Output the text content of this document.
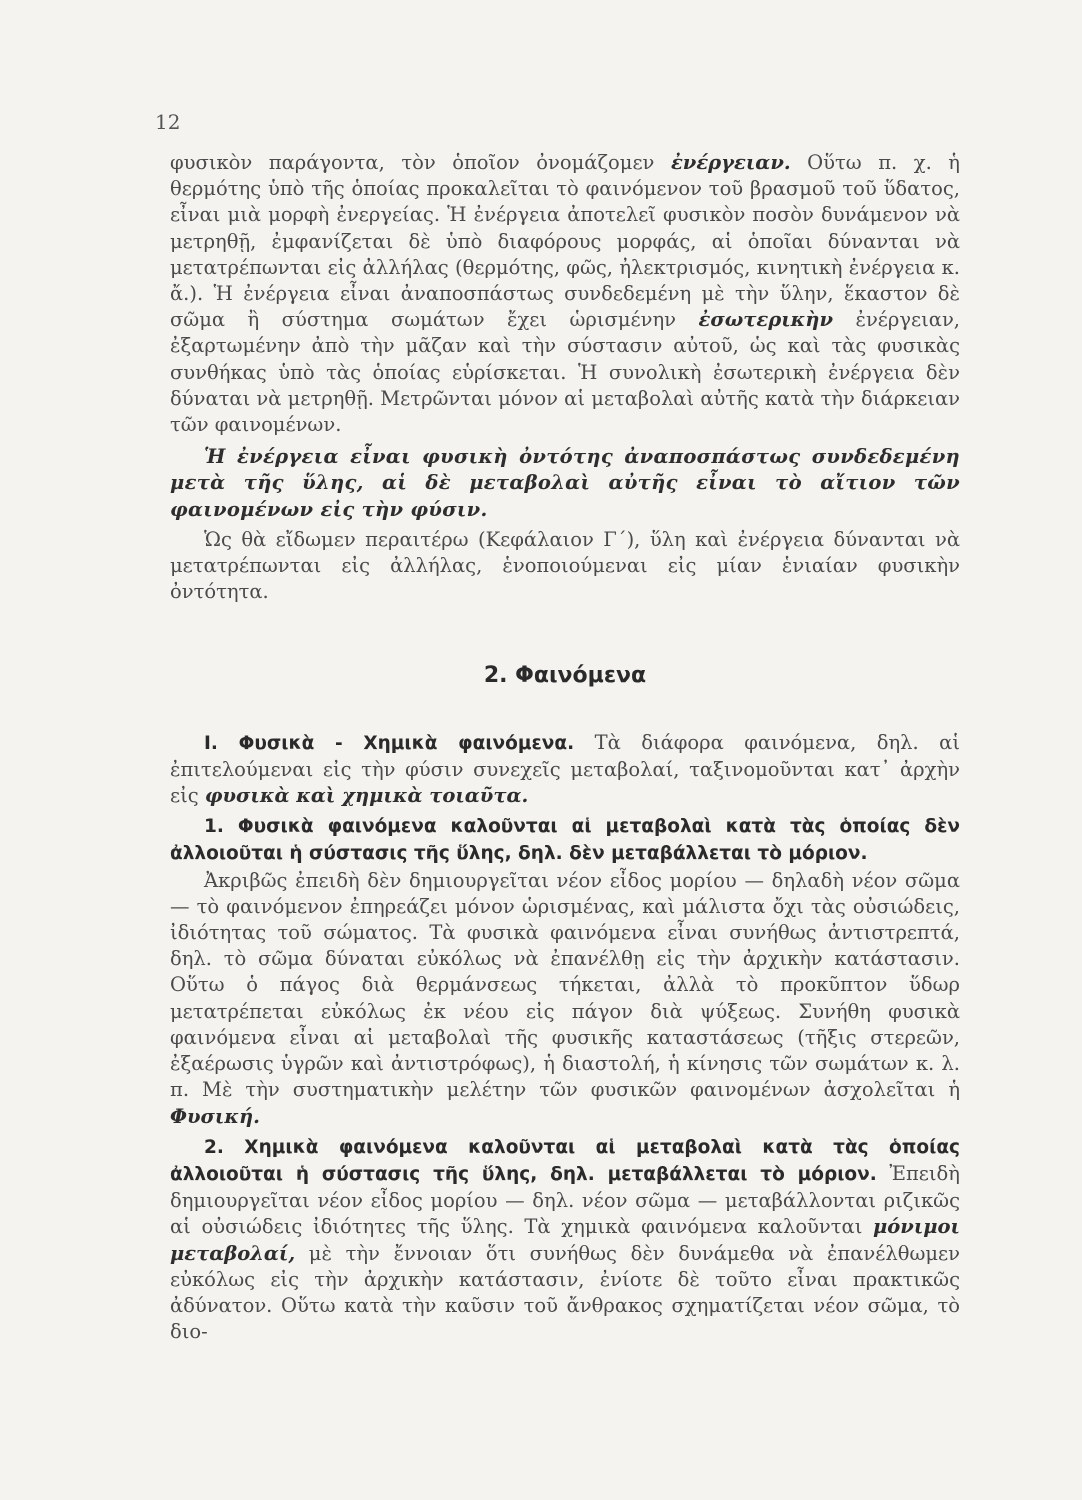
12

φυσικὸν παράγοντα, τὸν ὁποῖον ὀνομάζομεν ἐνέργειαν. Οὕτω π. χ. ἡ θερμότης ὑπὸ τῆς ὁποίας προκαλεῖται τὸ φαινόμενον τοῦ βρασμοῦ τοῦ ὕδατος, εἶναι μιὰ μορφὴ ἐνεργείας. Ἡ ἐνέργεια ἀποτελεῖ φυσικὸν ποσὸν δυνάμενον νὰ μετρηθῇ, ἐμφανίζεται δὲ ὑπὸ διαφόρους μορφάς, αἱ ὁποῖαι δύνανται νὰ μετατρέπωνται εἰς ἀλλήλας (θερμότης, φῶς, ἠλεκτρισμός, κινητικὴ ἐνέργεια κ. ἄ.). Ἡ ἐνέργεια εἶναι ἀναποσπάστως συνδεδεμένη μὲ τὴν ὕλην, ἕκαστον δὲ σῶμα ἢ σύστημα σωμάτων ἔχει ὡρισμένην ἐσωτερικὴν ἐνέργειαν, ἐξαρτωμένην ἀπὸ τὴν μᾶζαν καὶ τὴν σύστασιν αὐτοῦ, ὡς καὶ τὰς φυσικὰς συνθήκας ὑπὸ τὰς ὁποίας εὑρίσκεται. Ἡ συνολικὴ ἐσωτερικὴ ἐνέργεια δὲν δύναται νὰ μετρηθῇ. Μετρῶνται μόνον αἱ μεταβολαὶ αὐτῆς κατὰ τὴν διάρκειαν τῶν φαινομένων.

Ἡ ἐνέργεια εἶναι φυσικὴ ὀντότης ἀναποσπάστως συνδεδεμένη μετὰ τῆς ὕλης, αἱ δὲ μεταβολαὶ αὐτῆς εἶναι τὸ αἴτιον τῶν φαινομένων εἰς τὴν φύσιν.

Ὡς θὰ εἴδωμεν περαιτέρω (Κεφάλαιον Γ΄), ὕλη καὶ ἐνέργεια δύνανται νὰ μετατρέπωνται εἰς ἀλλήλας, ἑνοποιούμεναι εἰς μίαν ἑνιαίαν φυσικὴν ὀντότητα.

2. Φαινόμενα

I. Φυσικὰ - Χημικὰ φαινόμενα. Τὰ διάφορα φαινόμενα, δηλ. αἱ ἐπιτελούμεναι εἰς τὴν φύσιν συνεχεῖς μεταβολαί, ταξινομοῦνται κατ᾿ ἀρχὴν εἰς φυσικὰ καὶ χημικὰ τοιαῦτα.

1. Φυσικὰ φαινόμενα καλοῦνται αἱ μεταβολαὶ κατὰ τὰς ὁποίας δὲν ἀλλοιοῦται ἡ σύστασις τῆς ὕλης, δηλ. δὲν μεταβάλλεται τὸ μόριον.

Ἀκριβῶς ἐπειδὴ δὲν δημιουργεῖται νέον εἶδος μορίου — δηλαδὴ νέον σῶμα — τὸ φαινόμενον ἐπηρεάζει μόνον ὡρισμένας, καὶ μάλιστα ὄχι τὰς οὐσιώδεις, ἰδιότητας τοῦ σώματος. Τὰ φυσικὰ φαινόμενα εἶναι συνήθως ἀντιστρεπτά, δηλ. τὸ σῶμα δύναται εὐκόλως νὰ ἐπανέλθῃ εἰς τὴν ἀρχικὴν κατάστασιν. Οὕτω ὁ πάγος διὰ θερμάνσεως τήκεται, ἀλλὰ τὸ προκῦπτον ὕδωρ μετατρέπεται εὐκόλως ἐκ νέου εἰς πάγον διὰ ψύξεως. Συνήθη φυσικὰ φαινόμενα εἶναι αἱ μεταβολαὶ τῆς φυσικῆς καταστάσεως (τῆξις στερεῶν, ἐξαέρωσις ὑγρῶν καὶ ἀντιστρόφως), ἡ διαστολή, ἡ κίνησις τῶν σωμάτων κ. λ. π. Μὲ τὴν συστηματικὴν μελέτην τῶν φυσικῶν φαινομένων ἀσχολεῖται ἡ Φυσική.

2. Χημικὰ φαινόμενα καλοῦνται αἱ μεταβολαὶ κατὰ τὰς ὁποίας ἀλλοιοῦται ἡ σύστασις τῆς ὕλης, δηλ. μεταβάλλεται τὸ μόριον. Ἐπειδὴ δημιουργεῖται νέον εἶδος μορίου — δηλ. νέον σῶμα — μεταβάλλονται ριζικῶς αἱ οὐσιώδεις ἰδιότητες τῆς ὕλης. Τὰ χημικὰ φαινόμενα καλοῦνται μόνιμοι μεταβολαί, μὲ τὴν ἔννοιαν ὅτι συνήθως δὲν δυνάμεθα νὰ ἐπανέλθωμεν εὐκόλως εἰς τὴν ἀρχικὴν κατάστασιν, ἐνίοτε δὲ τοῦτο εἶναι πρακτικῶς ἀδύνατον. Οὕτω κατὰ τὴν καῦσιν τοῦ ἄνθρακος σχηματίζεται νέον σῶμα, τὸ διο-
